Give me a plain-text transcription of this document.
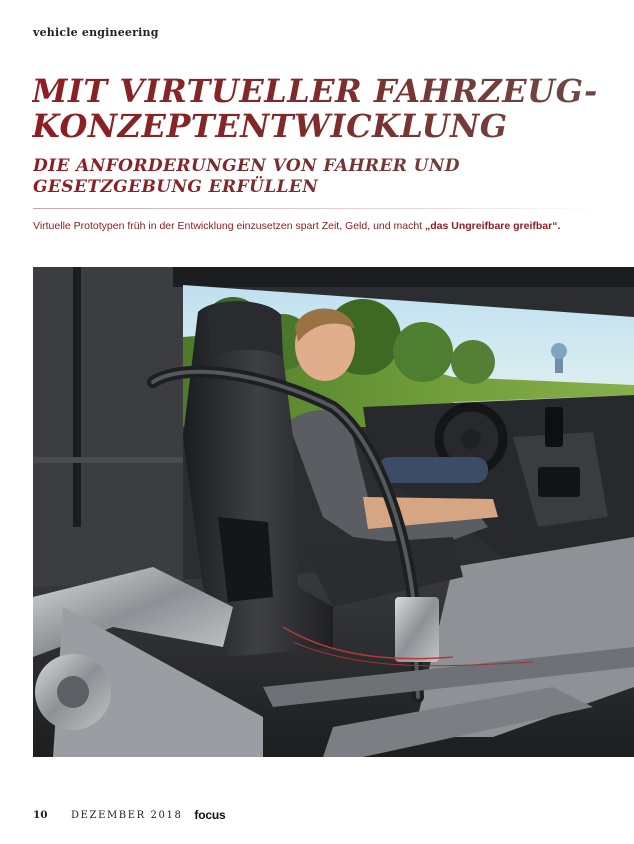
vehicle engineering
MIT VIRTUELLER FAHRZEUG-
KONZEPTENTWICKLUNG
DIE ANFORDERUNGEN VON FAHRER UND
GESETZGEBUNG ERFÜLLEN

Virtuelle Prototypen früh in der Entwicklung einzusetzen spart Zeit, Geld, und macht „das Ungreifbare greifbar“.

10	DEZEMBER 2018 focus
